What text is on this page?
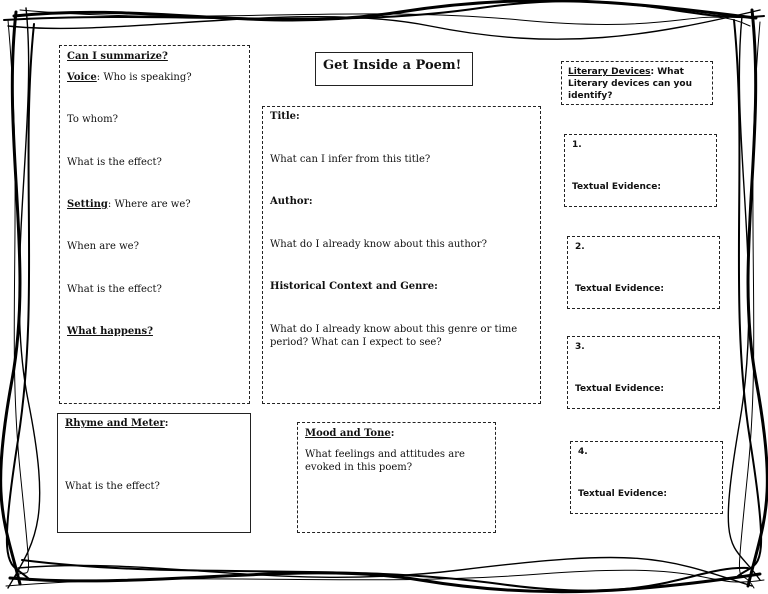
Get Inside a Poem!
Can I summarize?
Voice: Who is speaking?
To whom?
What is the effect?
Setting: Where are we?
When are we?
What is the effect?
What happens?
Title:
What can I infer from this title?
Author:
What do I already know about this author?
Historical Context and Genre:
What do I already know about this genre or time period? What can I expect to see?
Literary Devices: What Literary devices can you identify?
1.
Textual Evidence:
2.
Textual Evidence:
3.
Textual Evidence:
4.
Textual Evidence:
Rhyme and Meter:
What is the effect?
Mood and Tone:
What feelings and attitudes are evoked in this poem?
